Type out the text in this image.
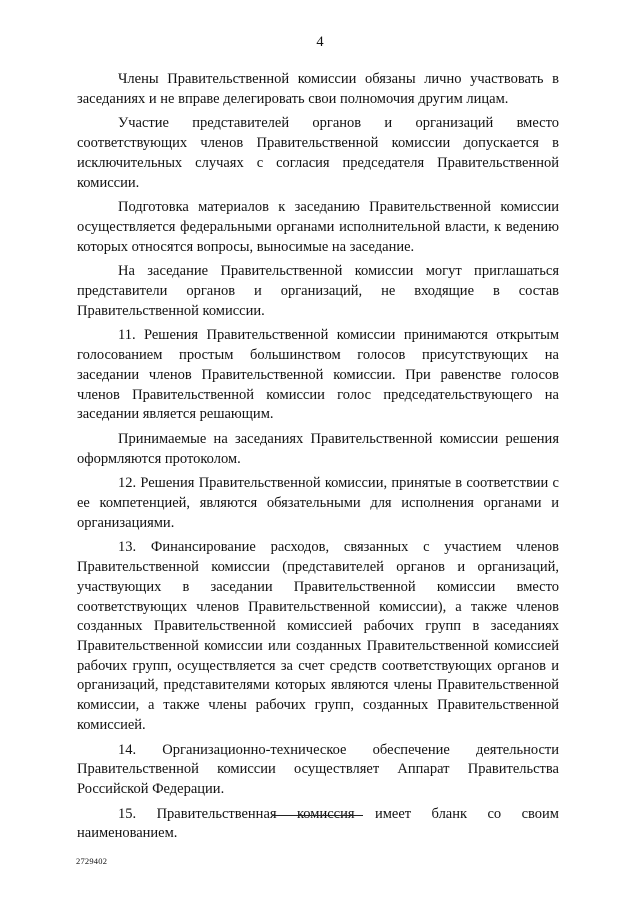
4

Члены Правительственной комиссии обязаны лично участвовать в заседаниях и не вправе делегировать свои полномочия другим лицам.

Участие представителей органов и организаций вместо соответствующих членов Правительственной комиссии допускается в исключительных случаях с согласия председателя Правительственной комиссии.

Подготовка материалов к заседанию Правительственной комиссии осуществляется федеральными органами исполнительной власти, к ведению которых относятся вопросы, выносимые на заседание.

На заседание Правительственной комиссии могут приглашаться представители органов и организаций, не входящие в состав Правительственной комиссии.

11. Решения Правительственной комиссии принимаются открытым голосованием простым большинством голосов присутствующих на заседании членов Правительственной комиссии. При равенстве голосов членов Правительственной комиссии голос председательствующего на заседании является решающим.

Принимаемые на заседаниях Правительственной комиссии решения оформляются протоколом.

12. Решения Правительственной комиссии, принятые в соответствии с ее компетенцией, являются обязательными для исполнения органами и организациями.

13. Финансирование расходов, связанных с участием членов Правительственной комиссии (представителей органов и организаций, участвующих в заседании Правительственной комиссии вместо соответствующих членов Правительственной комиссии), а также членов созданных Правительственной комиссией рабочих групп в заседаниях Правительственной комиссии или созданных Правительственной комиссией рабочих групп, осуществляется за счет средств соответствующих органов и организаций, представителями которых являются члены Правительственной комиссии, а также члены рабочих групп, созданных Правительственной комиссией.

14. Организационно-техническое обеспечение деятельности Правительственной комиссии осуществляет Аппарат Правительства Российской Федерации.

15. Правительственная комиссия имеет бланк со своим наименованием.

2729402
